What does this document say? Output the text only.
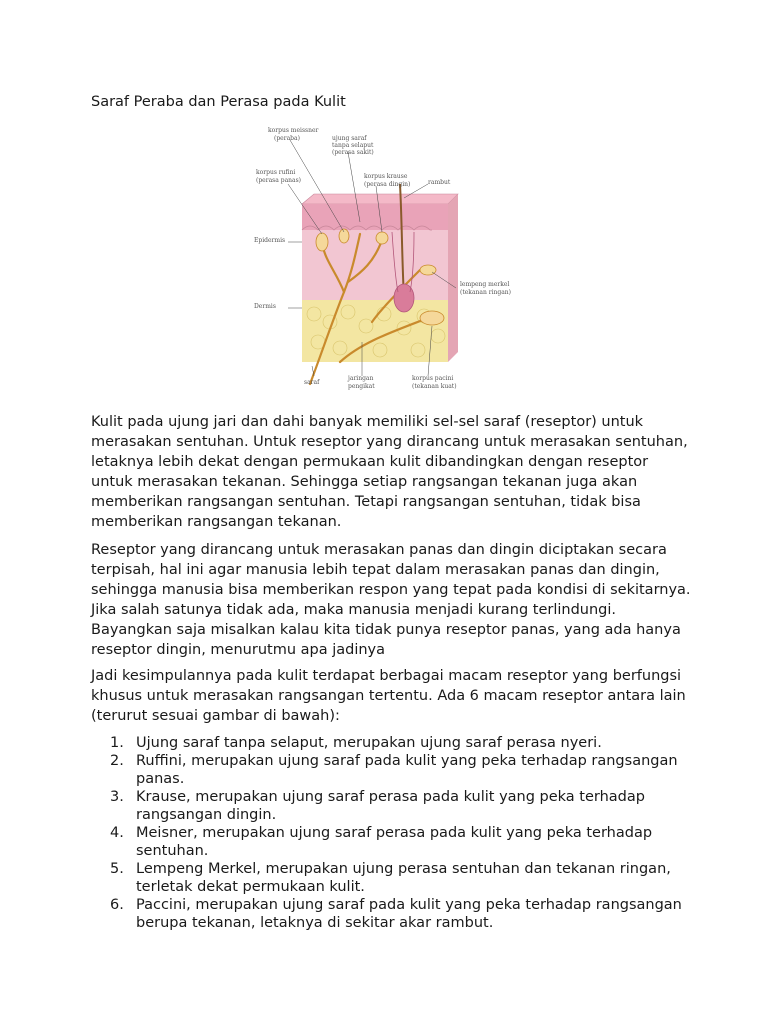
Saraf Peraba dan Perasa pada Kulit
korpus meissner
(peraba)	ujung saraf
tanpa selaput
(perasa sakit)
korpus rufini
(perasa panas)
korpus krause
(perasa dingin)	rambut
Epidermis
Dermis
lempeng merkel
(tekanan ringan)
saraf
jaringan
pengikat
korpus pacini
(tekanan kuat)

Kulit pada ujung jari dan dahi banyak memiliki sel-sel saraf (reseptor) untuk merasakan sentuhan. Untuk reseptor yang dirancang untuk merasakan sentuhan, letaknya lebih dekat dengan permukaan kulit dibandingkan dengan reseptor untuk merasakan tekanan. Sehingga setiap rangsangan tekanan juga akan memberikan rangsangan sentuhan. Tetapi rangsangan sentuhan, tidak bisa memberikan rangsangan tekanan.

Reseptor yang dirancang untuk merasakan panas dan dingin diciptakan secara terpisah, hal ini agar manusia lebih tepat dalam merasakan panas dan dingin, sehingga manusia bisa memberikan respon yang tepat pada kondisi di sekitarnya. Jika salah satunya tidak ada, maka manusia menjadi kurang terlindungi. Bayangkan saja misalkan kalau kita tidak punya reseptor panas, yang ada hanya reseptor dingin, menurutmu apa jadinya

Jadi kesimpulannya pada kulit terdapat berbagai macam reseptor yang berfungsi khusus untuk merasakan rangsangan tertentu. Ada 6 macam reseptor antara lain (terurut sesuai gambar di bawah):

1. Ujung saraf tanpa selaput, merupakan ujung saraf perasa nyeri.
2. Ruffini, merupakan ujung saraf pada kulit yang peka terhadap rangsangan panas.
3. Krause, merupakan ujung saraf perasa pada kulit yang peka terhadap rangsangan dingin.
4. Meisner, merupakan ujung saraf perasa pada kulit yang peka terhadap sentuhan.
5. Lempeng Merkel, merupakan ujung perasa sentuhan dan tekanan ringan, terletak dekat permukaan kulit.
6. Paccini, merupakan ujung saraf pada kulit yang peka terhadap rangsangan berupa tekanan, letaknya di sekitar akar rambut.
